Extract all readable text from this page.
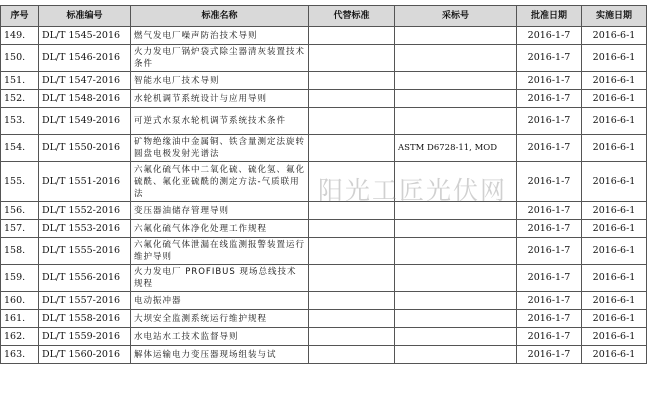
序号	标准编号	标准名称	代替标准	采标号	批准日期	实施日期
149.	DL/T 1545-2016	燃气发电厂噪声防治技术导则			2016-1-7	2016-6-1
150.	DL/T 1546-2016	火力发电厂锅炉袋式除尘器清灰装置技术条件			2016-1-7	2016-6-1
151.	DL/T 1547-2016	智能水电厂技术导则			2016-1-7	2016-6-1
152.	DL/T 1548-2016	水轮机调节系统设计与应用导则			2016-1-7	2016-6-1
153.	DL/T 1549-2016	可逆式水泵水轮机调节系统技术条件			2016-1-7	2016-6-1
154.	DL/T 1550-2016	矿物绝缘油中金属铜、铁含量测定法旋转圆盘电极发射光谱法		ASTM D6728-11, MOD	2016-1-7	2016-6-1
155.	DL/T 1551-2016	六氟化硫气体中二氧化硫、硫化氢、氟化硫酰、氟化亚硫酰的测定方法-气质联用法			2016-1-7	2016-6-1
156.	DL/T 1552-2016	变压器油储存管理导则			2016-1-7	2016-6-1
157.	DL/T 1553-2016	六氟化硫气体净化处理工作规程			2016-1-7	2016-6-1
158.	DL/T 1555-2016	六氟化硫气体泄漏在线监测报警装置运行维护导则			2016-1-7	2016-6-1
159.	DL/T 1556-2016	火力发电厂 PROFIBUS 现场总线技术规程			2016-1-7	2016-6-1
160.	DL/T 1557-2016	电动振冲器			2016-1-7	2016-6-1
161.	DL/T 1558-2016	大坝安全监测系统运行维护规程			2016-1-7	2016-6-1
162.	DL/T 1559-2016	水电站水工技术监督导则			2016-1-7	2016-6-1
163.	DL/T 1560-2016	解体运输电力变压器现场组装与试			2016-1-7	2016-6-1
阳光工匠光伏网
